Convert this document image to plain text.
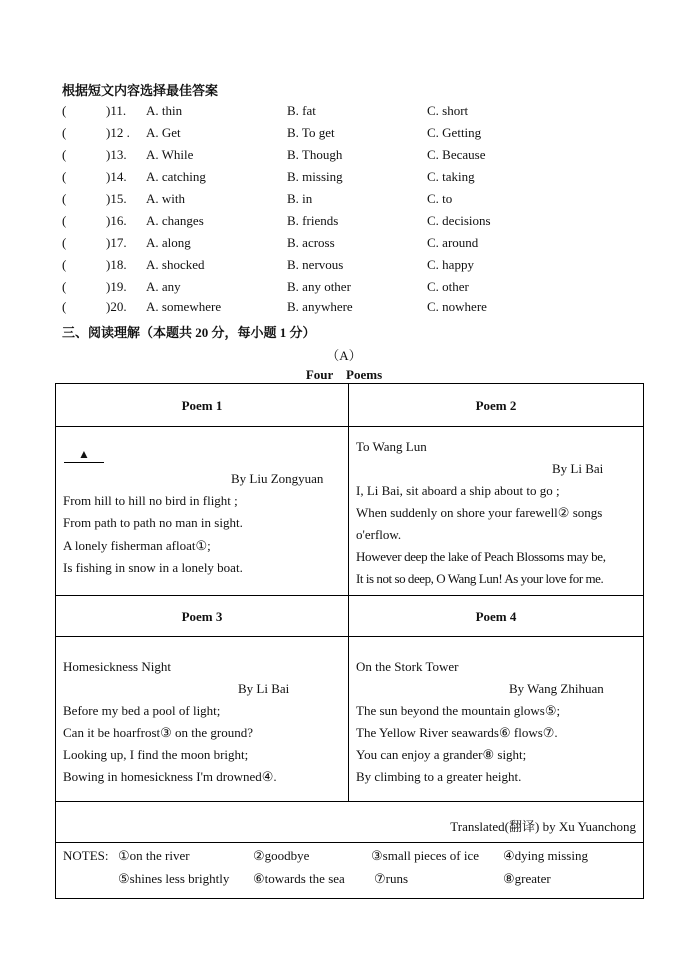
根据短文内容选择最佳答案
(	)11. A. thin	B. fat	C. short
(	)12 . A. Get	B. To get	C. Getting
(	)13. A. While	B. Though	C. Because
(	)14. A. catching	B. missing	C. taking
(	)15. A. with	B. in	C. to
(	)16. A. changes	B. friends	C. decisions
(	)17. A. along	B. across	C. around
(	)18. A. shocked	B. nervous	C. happy
(	)19. A. any	B. any other	C. other
(	)20. A. somewhere	B. anywhere	C. nowhere
三、阅读理解（本题共 20 分，每小题 1 分）
（A）
Four    Poems
Poem 1	Poem 2
▲
By Liu Zongyuan
From hill to hill no bird in flight ;
From path to path no man in sight.
A lonely fisherman afloat①;
Is fishing in snow in a lonely boat.
To Wang Lun
By Li Bai
I, Li Bai, sit aboard a ship about to go ;
When suddenly on shore your farewell② songs
o'erflow.
However deep the lake of Peach Blossoms may be,
It is not so deep, O Wang Lun! As your love for me.
Poem 3	Poem 4
Homesickness Night
By Li Bai
Before my bed a pool of light;
Can it be hoarfrost③ on the ground?
Looking up, I find the moon bright;
Bowing in homesickness I'm drowned④.
On the Stork Tower
By Wang Zhihuan
The sun beyond the mountain glows⑤;
The Yellow River seawards⑥ flows⑦.
You can enjoy a grander⑧ sight;
By climbing to a greater height.
Translated(翻译) by Xu Yuanchong
NOTES: ①on the river	②goodbye	③small pieces of ice ④dying missing
⑤shines less brightly ⑥towards the sea ⑦runs	⑧greater
